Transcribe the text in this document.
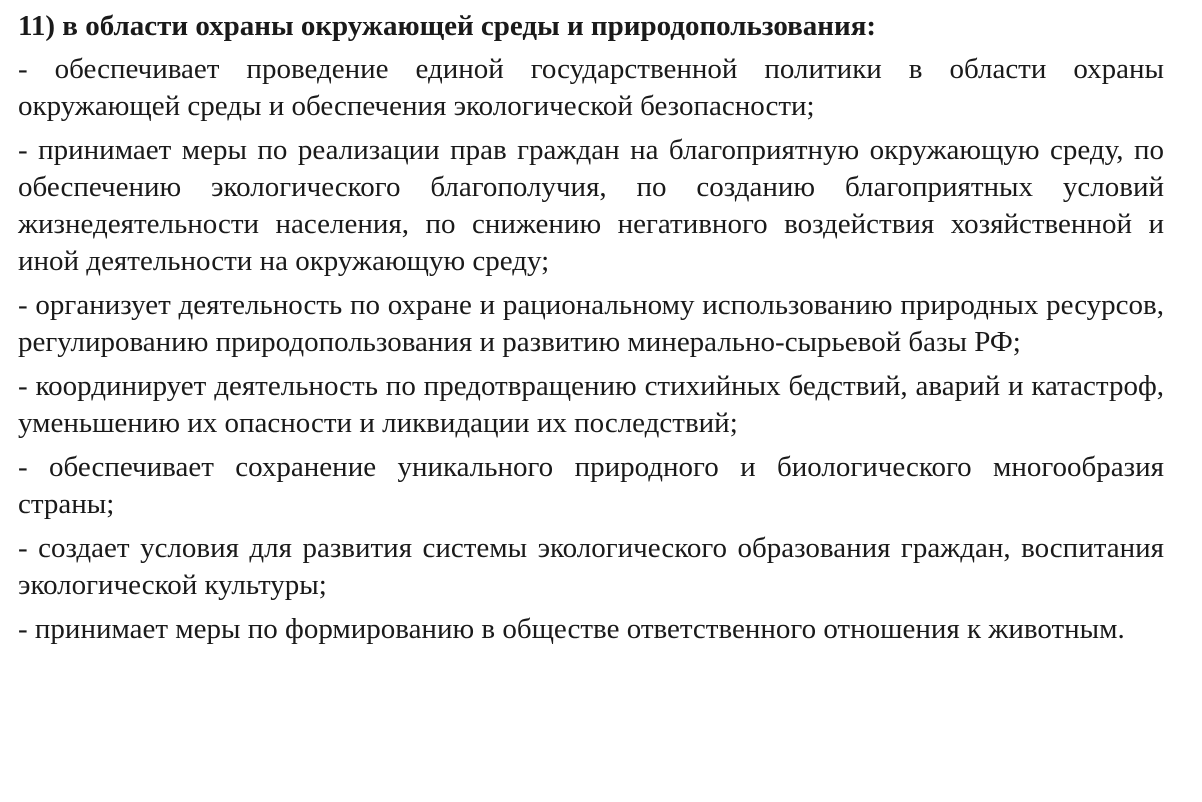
11) в области охраны окружающей среды и природопользования:
- обеспечивает проведение единой государственной политики в области охраны окружающей среды и обеспечения экологической безопасности;
- принимает меры по реализации прав граждан на благоприятную окружающую среду, по обеспечению экологического благополучия, по созданию благоприятных условий жизнедеятельности населения, по снижению негативного воздействия хозяйственной и иной деятельности на окружающую среду;
- организует деятельность по охране и рациональному использованию природных ресурсов, регулированию природопользования и развитию минерально-сырьевой базы РФ;
- координирует деятельность по предотвращению стихийных бедствий, аварий и катастроф, уменьшению их опасности и ликвидации их последствий;
- обеспечивает сохранение уникального природного и биологического многообразия страны;
- создает условия для развития системы экологического образования граждан, воспитания экологической культуры;
- принимает меры по формированию в обществе ответственного отношения к животным.
